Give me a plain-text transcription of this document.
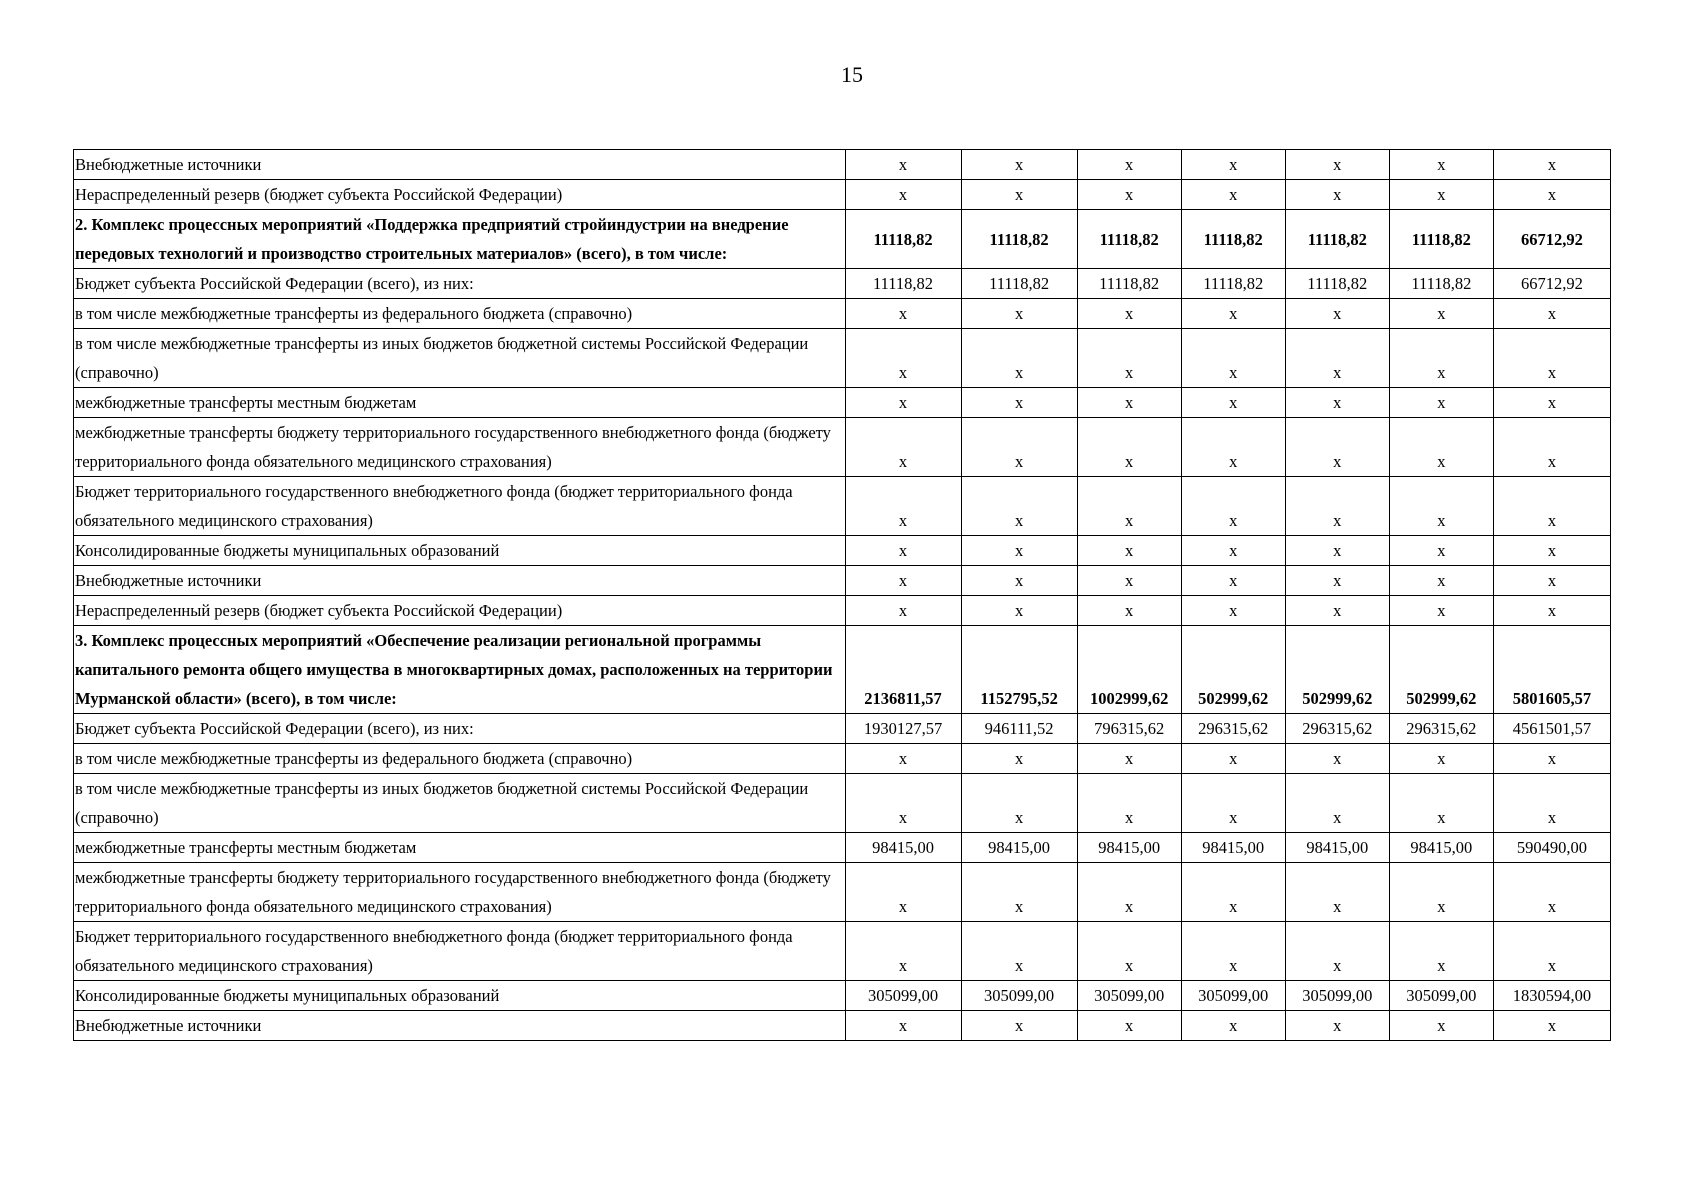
15
Внебюджетные источники	x	x	x	x	x	x	x
Нераспределенный резерв (бюджет субъекта Российской Федерации)	x	x	x	x	x	x	x
2. Комплекс процессных мероприятий «Поддержка предприятий стройиндустрии на внедрение передовых технологий и производство строительных материалов» (всего), в том числе:	11118,82	11118,82	11118,82	11118,82	11118,82	11118,82	66712,92
Бюджет субъекта Российской Федерации (всего), из них:	11118,82	11118,82	11118,82	11118,82	11118,82	11118,82	66712,92
в том числе межбюджетные трансферты из федерального бюджета (справочно)	x	x	x	x	x	x	x
в том числе межбюджетные трансферты из иных бюджетов бюджетной системы Российской Федерации (справочно)	x	x	x	x	x	x	x
межбюджетные трансферты местным бюджетам	x	x	x	x	x	x	x
межбюджетные трансферты бюджету территориального государственного внебюджетного фонда (бюджету территориального фонда обязательного медицинского страхования)	x	x	x	x	x	x	x
Бюджет территориального государственного внебюджетного фонда (бюджет территориального фонда обязательного медицинского страхования)	x	x	x	x	x	x	x
Консолидированные бюджеты муниципальных образований	x	x	x	x	x	x	x
Внебюджетные источники	x	x	x	x	x	x	x
Нераспределенный резерв (бюджет субъекта Российской Федерации)	x	x	x	x	x	x	x
3. Комплекс процессных мероприятий «Обеспечение реализации региональной программы капитального ремонта общего имущества в многоквартирных домах, расположенных на территории Мурманской области» (всего), в том числе:	2136811,57	1152795,52	1002999,62	502999,62	502999,62	502999,62	5801605,57
Бюджет субъекта Российской Федерации (всего), из них:	1930127,57	946111,52	796315,62	296315,62	296315,62	296315,62	4561501,57
в том числе межбюджетные трансферты из федерального бюджета (справочно)	x	x	x	x	x	x	x
в том числе межбюджетные трансферты из иных бюджетов бюджетной системы Российской Федерации (справочно)	x	x	x	x	x	x	x
межбюджетные трансферты местным бюджетам	98415,00	98415,00	98415,00	98415,00	98415,00	98415,00	590490,00
межбюджетные трансферты бюджету территориального государственного внебюджетного фонда (бюджету территориального фонда обязательного медицинского страхования)	x	x	x	x	x	x	x
Бюджет территориального государственного внебюджетного фонда (бюджет территориального фонда обязательного медицинского страхования)	x	x	x	x	x	x	x
Консолидированные бюджеты муниципальных образований	305099,00	305099,00	305099,00	305099,00	305099,00	305099,00	1830594,00
Внебюджетные источники	x	x	x	x	x	x	x
